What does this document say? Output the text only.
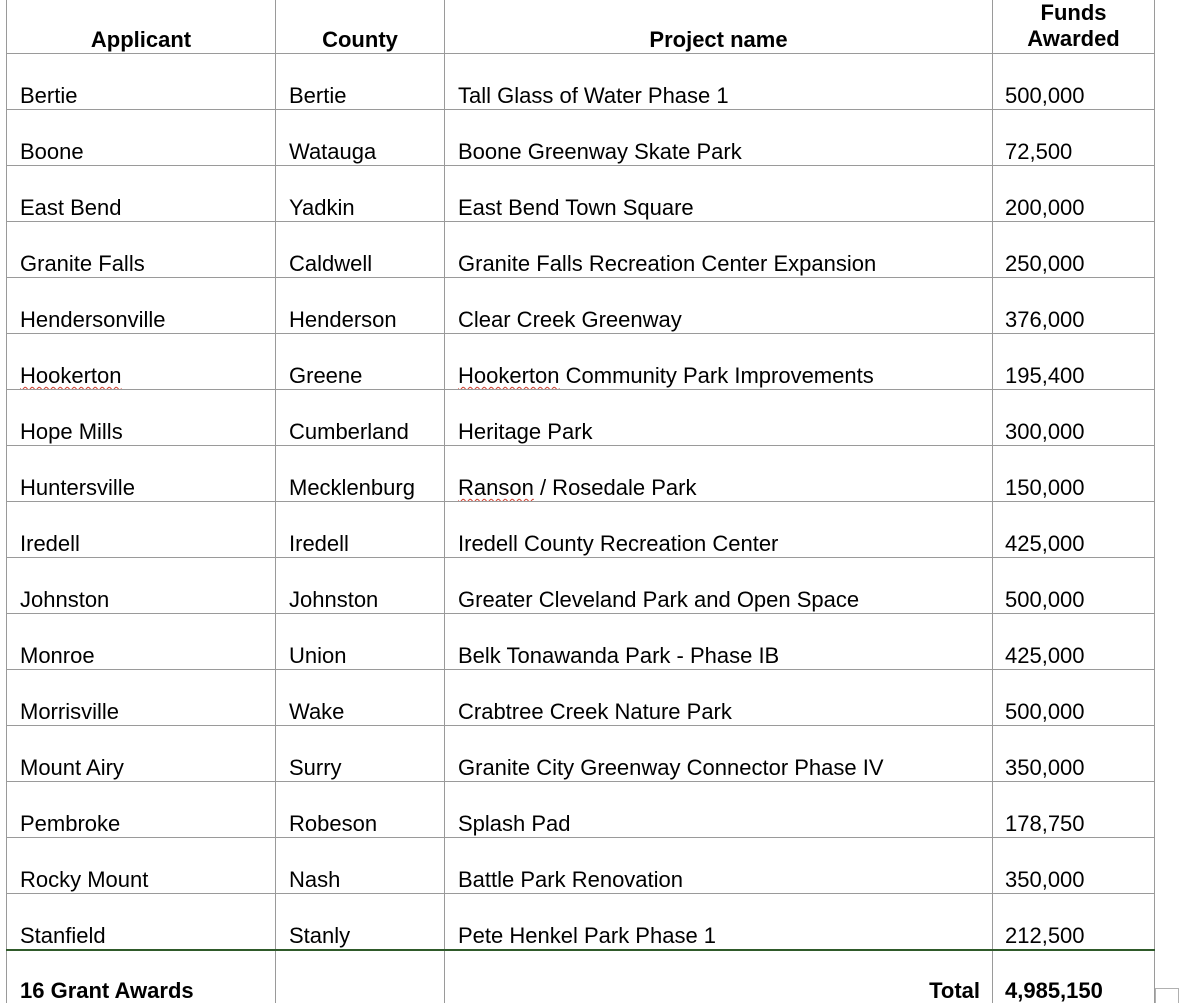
Applicant	County	Project name	Funds
Awarded
Bertie	Bertie	Tall Glass of Water Phase 1	500,000
Boone	Watauga	Boone Greenway Skate Park	72,500
East Bend	Yadkin	East Bend Town Square	200,000
Granite Falls	Caldwell	Granite Falls Recreation Center Expansion	250,000
Hendersonville	Henderson	Clear Creek Greenway	376,000
Hookerton	Greene	Hookerton Community Park Improvements	195,400
Hope Mills	Cumberland	Heritage Park	300,000
Huntersville	Mecklenburg	Ranson / Rosedale Park	150,000
Iredell	Iredell	Iredell County Recreation Center	425,000
Johnston	Johnston	Greater Cleveland Park and Open Space	500,000
Monroe	Union	Belk Tonawanda Park - Phase IB	425,000
Morrisville	Wake	Crabtree Creek Nature Park	500,000
Mount Airy	Surry	Granite City Greenway Connector Phase IV	350,000
Pembroke	Robeson	Splash Pad	178,750
Rocky Mount	Nash	Battle Park Renovation	350,000
Stanfield	Stanly	Pete Henkel Park Phase 1	212,500
16 Grant Awards		Total	4,985,150
